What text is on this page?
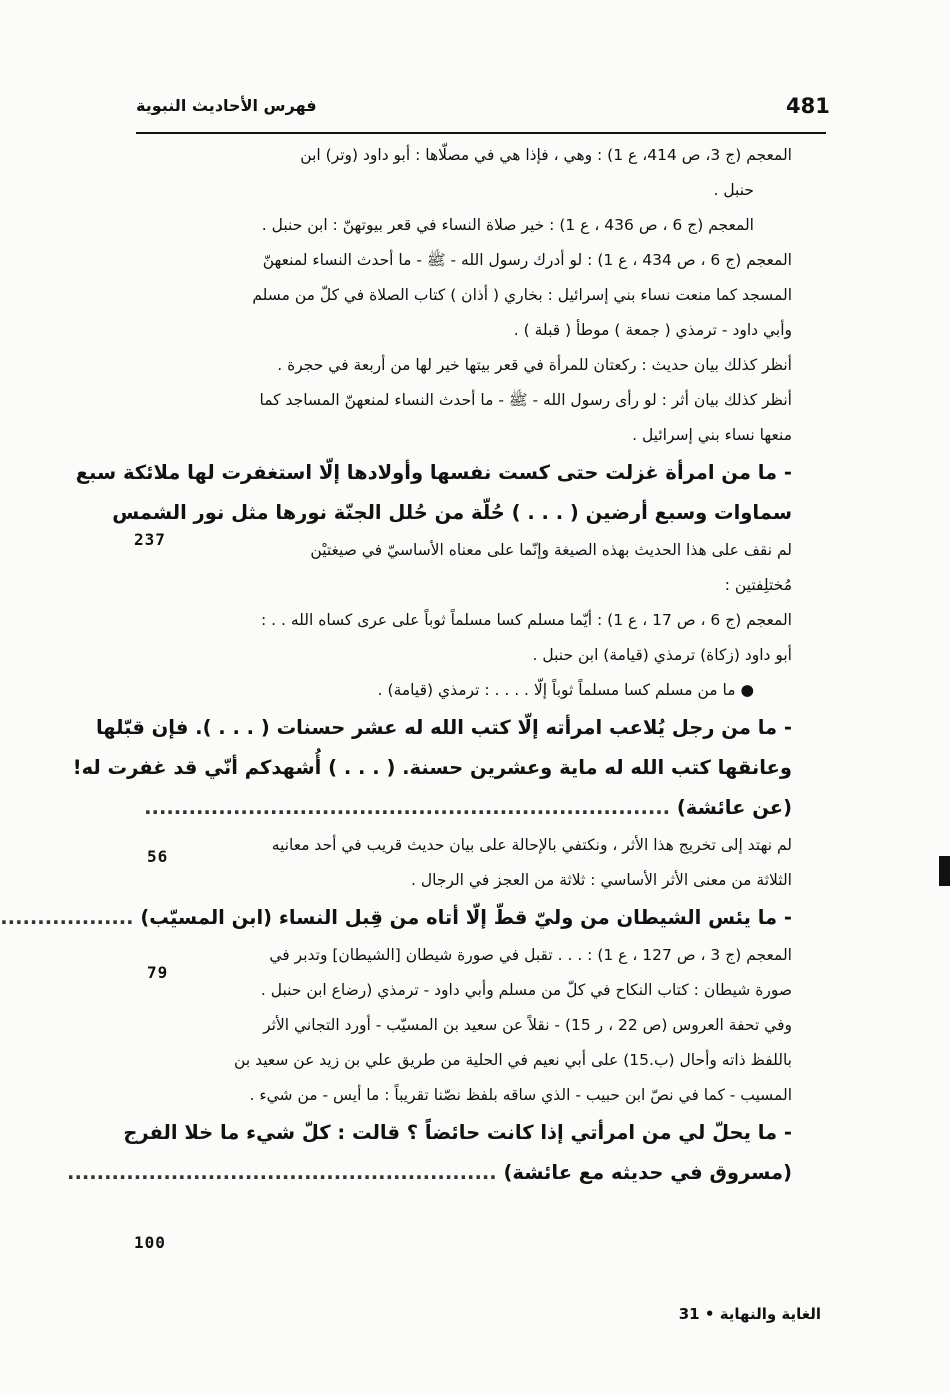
481
فهرس الأحاديث النبوية
المعجم (ج 3، ص 414، ع 1) : وهي ، فإذا هي في مصلّاها : أبو داود (وتر) ابن
حنبل .
المعجم (ج 6 ، ص 436 ، ع 1) : خير صلاة النساء في قعر بيوتهنّ : ابن حنبل .
المعجم (ج 6 ، ص 434 ، ع 1) : لو أدرك رسول الله - ﷺ - ما أحدث النساء لمنعهنّ
المسجد كما منعت نساء بني إسرائيل : بخاري ( أذان ) كتاب الصلاة في كلّ من مسلم
وأبي داود - ترمذي ( جمعة ) موطأ ( قبلة ) .
أنظر كذلك بيان حديث : ركعتان للمرأة في قعر بيتها خير لها من أربعة في حجرة .
أنظر كذلك بيان أثر : لو رأى رسول الله - ﷺ - ما أحدث النساء لمنعهنّ المساجد كما
منعها نساء بني إسرائيل .
- ما من امرأة غزلت حتى كست نفسها وأولادها إلّا استغفرت لها ملائكة سبع
سماوات وسبع أرضين ( . . . ) حُلّة من حُلل الجنّة نورها مثل نور الشمس
لم نقف على هذا الحديث بهذه الصيغة وإنّما على معناه الأساسيّ في صيغتيْن
مُختلِفتين :
المعجم (ج 6 ، ص 17 ، ع 1) : أيّما مسلم كسا مسلماً ثوباً على عرى كساه الله . . :
أبو داود (زكاة) ترمذي (قيامة) ابن حنبل .
● ما من مسلم كسا مسلماً ثوباً إلّا . . . . : ترمذي (قيامة) .
- ما من رجل يُلاعب امرأته إلّا كتب الله له عشر حسنات ( . . . ). فإن قبّلها
وعانقها كتب الله له ماية وعشرين حسنة. ( . . . ) أُشهدكم أنّي قد غفرت له!
(عن عائشة) .......................................................................
لم نهتد إلى تخريج هذا الأثر ، ونكتفي بالإحالة على بيان حديث قريب في أحد معانيه
الثلاثة من معنى الأثر الأساسي : ثلاثة من العجز في الرجال .
- ما يئس الشيطان من وليّ قطّ إلّا أتاه من قِبل النساء (ابن المسيّب) ..................
المعجم (ج 3 ، ص 127 ، ع 1) : . . . تقبل في صورة شيطان [الشيطان] وتدبر في
صورة شيطان : كتاب النكاح في كلّ من مسلم وأبي داود - ترمذي (رضاع ابن حنبل .
وفي تحفة العروس (ص 22 ، ر 15) - نقلاً عن سعيد بن المسيّب - أورد التجاني الأثر
باللفظ ذاته وأحال (ب.15) على أبي نعيم في الحلية من طريق علي بن زيد عن سعيد بن
المسيب - كما في نصّ ابن حبيب - الذي ساقه بلفظ نصّنا تقريباً : ما أيس - من شيء .
- ما يحلّ لي من امرأتي إذا كانت حائضاً ؟ قالت : كلّ شيء ما خلا الفرج
(مسروق في حديثه مع عائشة) ..........................................................
237
56
79
100
الغاية والنهاية • 31
